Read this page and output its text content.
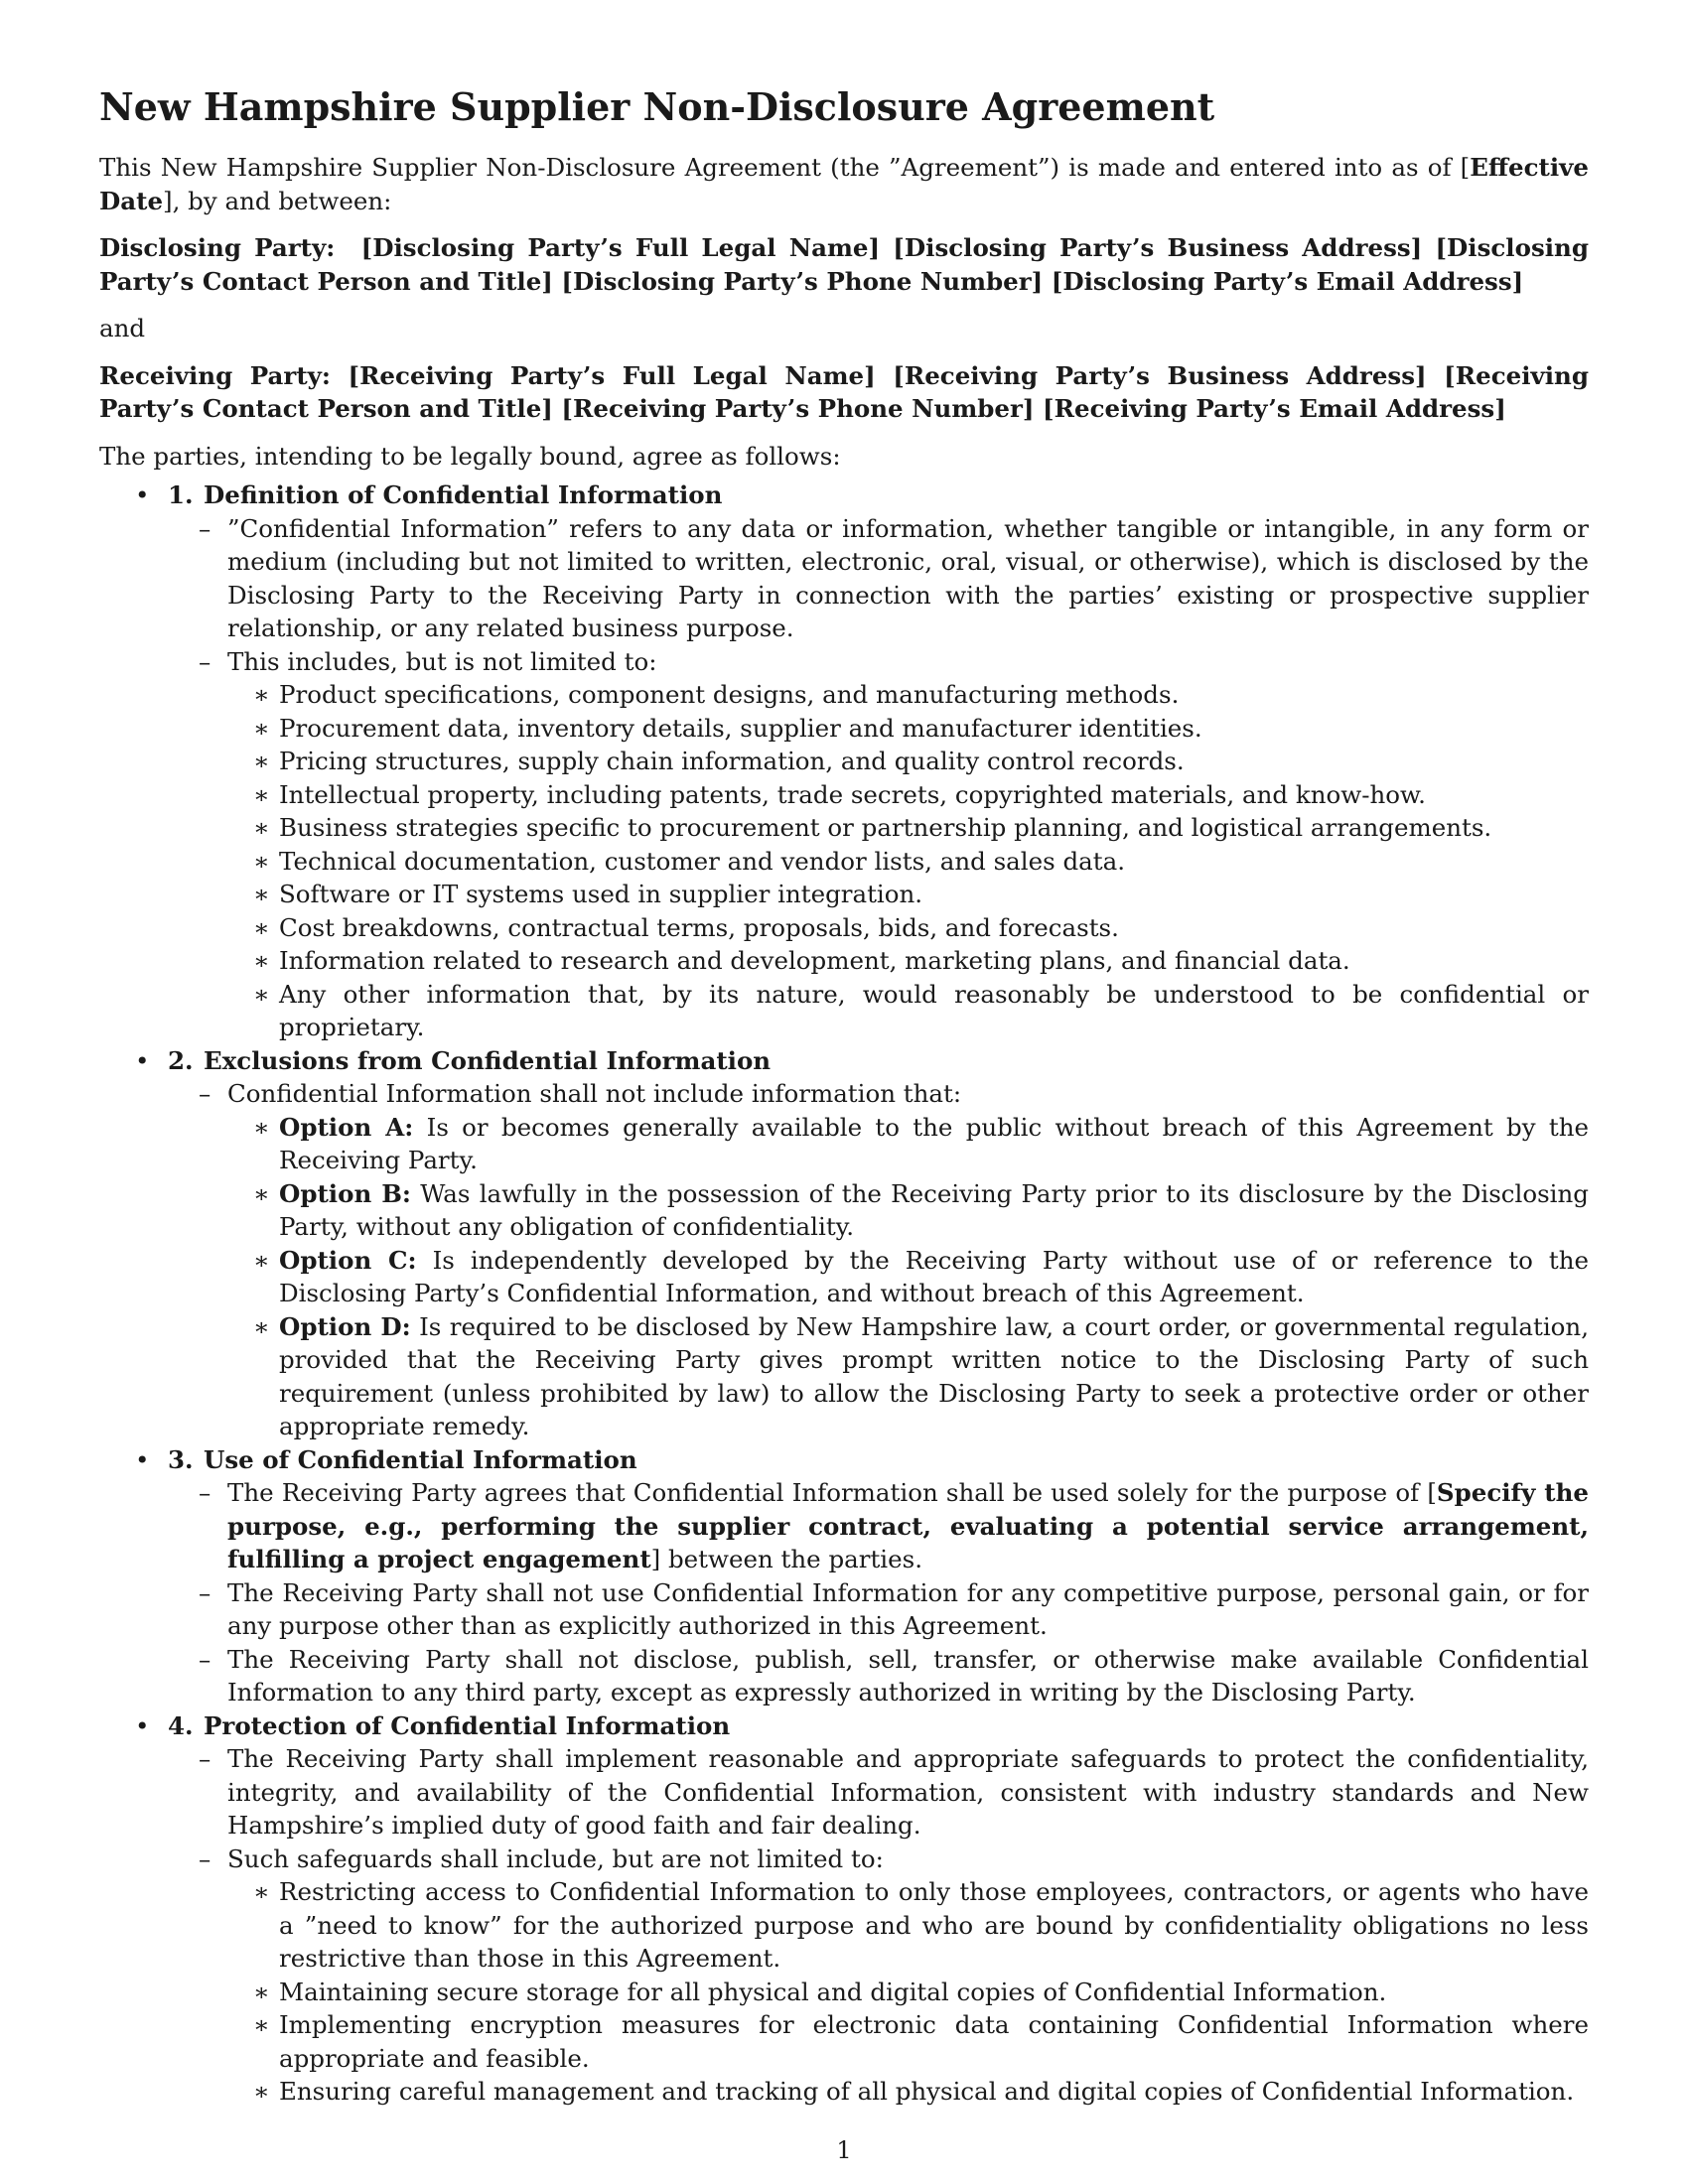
New Hampshire Supplier Non-Disclosure Agreement

This New Hampshire Supplier Non-Disclosure Agreement (the ”Agreement”) is made and entered into as of [Effective Date], by and between:

Disclosing Party: [Disclosing Party’s Full Legal Name] [Disclosing Party’s Business Address] [Disclosing Party’s Contact Person and Title] [Disclosing Party’s Phone Number] [Disclosing Party’s Email Address]

and

Receiving Party: [Receiving Party’s Full Legal Name] [Receiving Party’s Business Address] [Receiving Party’s Contact Person and Title] [Receiving Party’s Phone Number] [Receiving Party’s Email Address]

The parties, intending to be legally bound, agree as follows:

• 1. Definition of Confidential Information
– ”Confidential Information” refers to any data or information, whether tangible or intangible, in any form or medium (including but not limited to written, electronic, oral, visual, or otherwise), which is disclosed by the Disclosing Party to the Receiving Party in connection with the parties’ existing or prospective supplier relationship, or any related business purpose.
– This includes, but is not limited to:
∗ Product specifications, component designs, and manufacturing methods.
∗ Procurement data, inventory details, supplier and manufacturer identities.
∗ Pricing structures, supply chain information, and quality control records.
∗ Intellectual property, including patents, trade secrets, copyrighted materials, and know-how.
∗ Business strategies specific to procurement or partnership planning, and logistical arrangements.
∗ Technical documentation, customer and vendor lists, and sales data.
∗ Software or IT systems used in supplier integration.
∗ Cost breakdowns, contractual terms, proposals, bids, and forecasts.
∗ Information related to research and development, marketing plans, and financial data.
∗ Any other information that, by its nature, would reasonably be understood to be confidential or proprietary.
• 2. Exclusions from Confidential Information
– Confidential Information shall not include information that:
∗ Option A: Is or becomes generally available to the public without breach of this Agreement by the Receiving Party.
∗ Option B: Was lawfully in the possession of the Receiving Party prior to its disclosure by the Disclosing Party, without any obligation of confidentiality.
∗ Option C: Is independently developed by the Receiving Party without use of or reference to the Disclosing Party’s Confidential Information, and without breach of this Agreement.
∗ Option D: Is required to be disclosed by New Hampshire law, a court order, or governmental regulation, provided that the Receiving Party gives prompt written notice to the Disclosing Party of such requirement (unless prohibited by law) to allow the Disclosing Party to seek a protective order or other appropriate remedy.
• 3. Use of Confidential Information
– The Receiving Party agrees that Confidential Information shall be used solely for the purpose of [Specify the purpose, e.g., performing the supplier contract, evaluating a potential service arrangement, fulfilling a project engagement] between the parties.
– The Receiving Party shall not use Confidential Information for any competitive purpose, personal gain, or for any purpose other than as explicitly authorized in this Agreement.
– The Receiving Party shall not disclose, publish, sell, transfer, or otherwise make available Confidential Information to any third party, except as expressly authorized in writing by the Disclosing Party.
• 4. Protection of Confidential Information
– The Receiving Party shall implement reasonable and appropriate safeguards to protect the confidentiality, integrity, and availability of the Confidential Information, consistent with industry standards and New Hampshire’s implied duty of good faith and fair dealing.
– Such safeguards shall include, but are not limited to:
∗ Restricting access to Confidential Information to only those employees, contractors, or agents who have a ”need to know” for the authorized purpose and who are bound by confidentiality obligations no less restrictive than those in this Agreement.
∗ Maintaining secure storage for all physical and digital copies of Confidential Information.
∗ Implementing encryption measures for electronic data containing Confidential Information where appropriate and feasible.
∗ Ensuring careful management and tracking of all physical and digital copies of Confidential Information.
1
